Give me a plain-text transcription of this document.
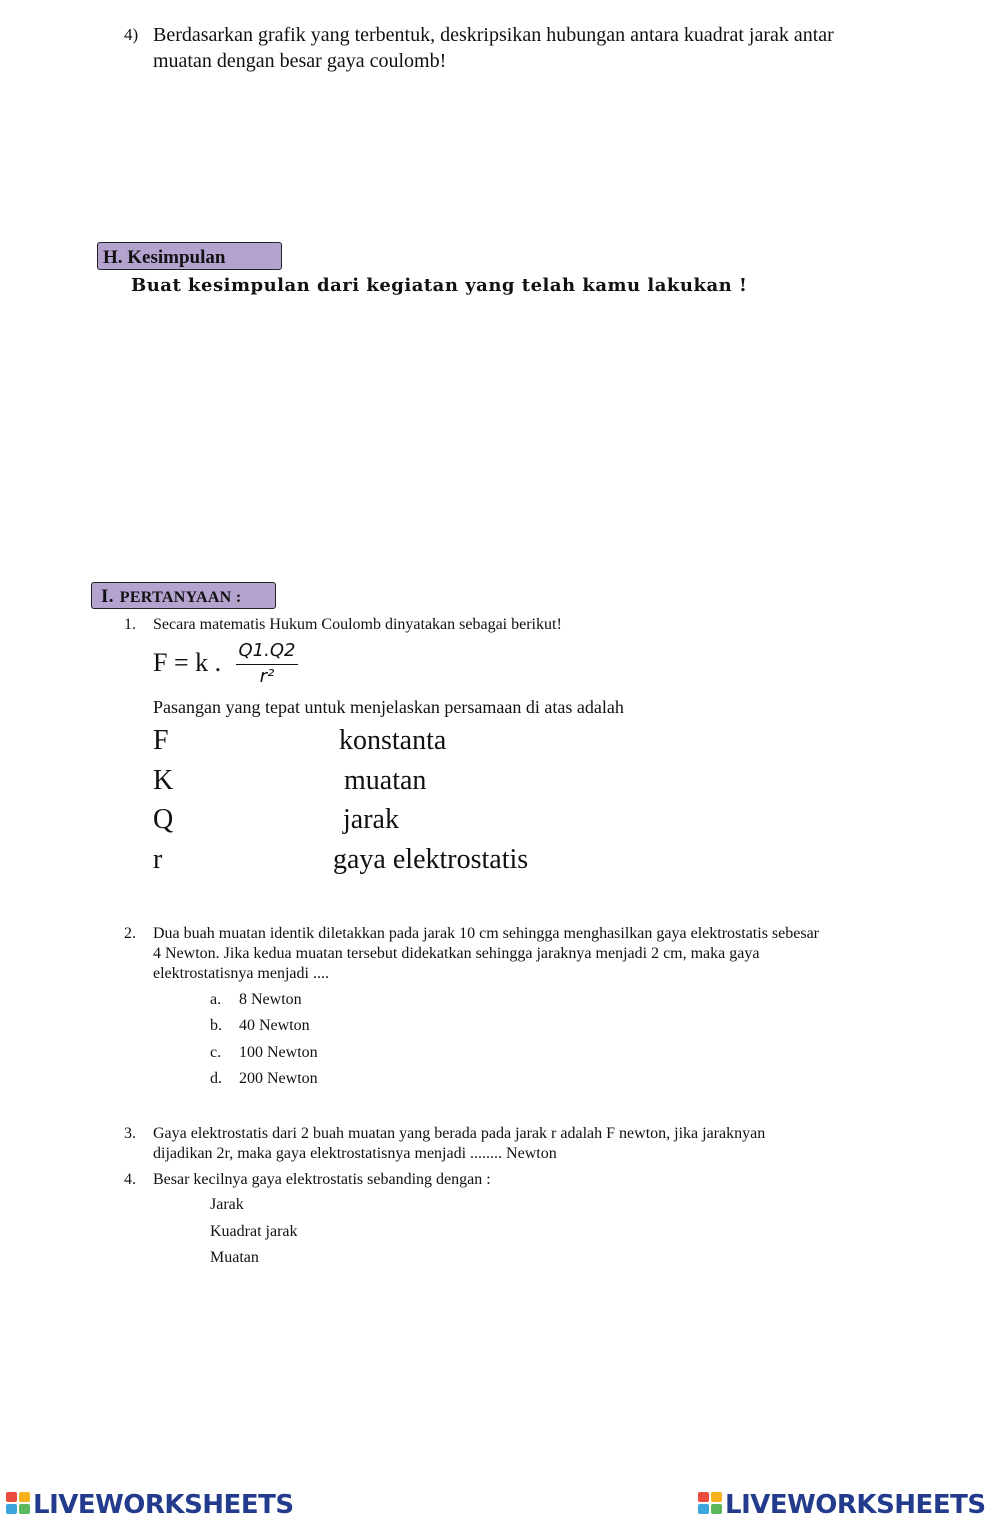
4) Berdasarkan grafik yang terbentuk, deskripsikan hubungan antara kuadrat jarak antar muatan dengan besar gaya coulomb!
H. Kesimpulan
Buat kesimpulan dari kegiatan yang telah kamu lakukan !
I. PERTANYAAN :
1. Secara matematis Hukum Coulomb dinyatakan sebagai berikut!
F = k . $\frac{Q1.Q2}{\text{r²}}$
Pasangan yang tepat untuk menjelaskan persamaan di atas adalah
F
K
Q
r
konstanta
muatan
jarak
gaya elektrostatis
2. Dua buah muatan identik diletakkan pada jarak 10 cm sehingga menghasilkan gaya elektrostatis sebesar
4 Newton. Jika kedua muatan tersebut didekatkan sehingga jaraknya menjadi 2 cm, maka gaya
elektrostatisnya menjadi ....
a. 8 Newton
b. 40 Newton
c. 100 Newton
d. 200 Newton
3. Gaya elektrostatis dari 2 buah muatan yang berada pada jarak r adalah F newton, jika jaraknyan
dijadikan 2r, maka gaya elektrostatisnya menjadi ........ Newton
4. Besar kecilnya gaya elektrostatis sebanding dengan :
Jarak
Kuadrat jarak
Muatan
LIVEWORKSHEETS	LIVEWORKSHEETS
